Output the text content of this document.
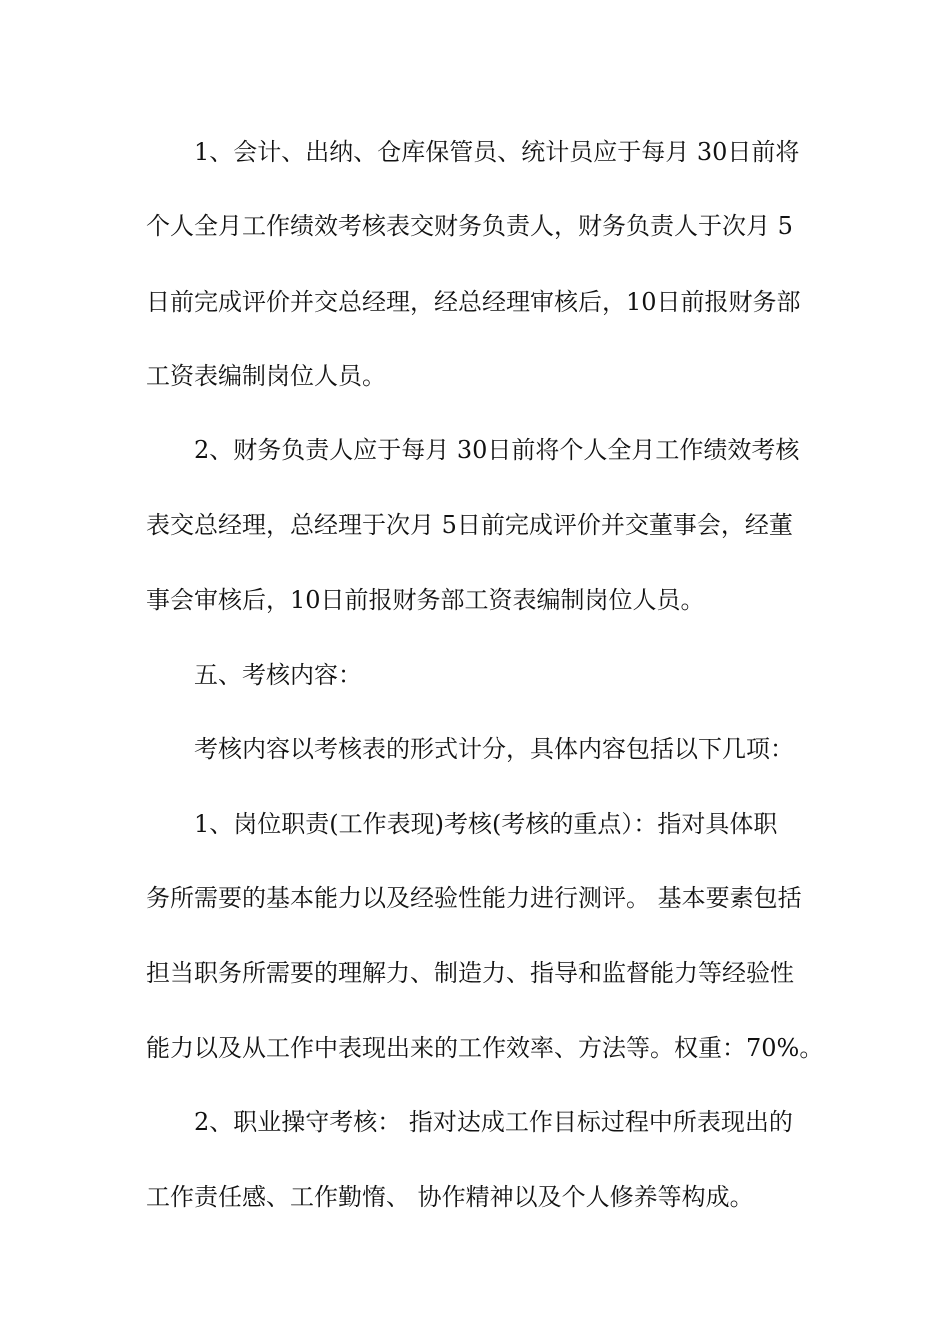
1、会计、出纳、仓库保管员、统计员应于每月 30日前将
个人全月工作绩效考核表交财务负责人，财务负责人于次月 5
日前完成评价并交总经理，经总经理审核后，10日前报财务部
工资表编制岗位人员。
2、财务负责人应于每月 30日前将个人全月工作绩效考核
表交总经理，总经理于次月 5日前完成评价并交董事会，经董
事会审核后，10日前报财务部工资表编制岗位人员。
五、考核内容：
考核内容以考核表的形式计分，具体内容包括以下几项：
1、岗位职责(工作表现)考核(考核的重点）：指对具体职
务所需要的基本能力以及经验性能力进行测评。 基本要素包括
担当职务所需要的理解力、制造力、指导和监督能力等经验性
能力以及从工作中表现出来的工作效率、方法等。权重：70%。
2、职业操守考核： 指对达成工作目标过程中所表现出的
工作责任感、工作勤惰、 协作精神以及个人修养等构成。
